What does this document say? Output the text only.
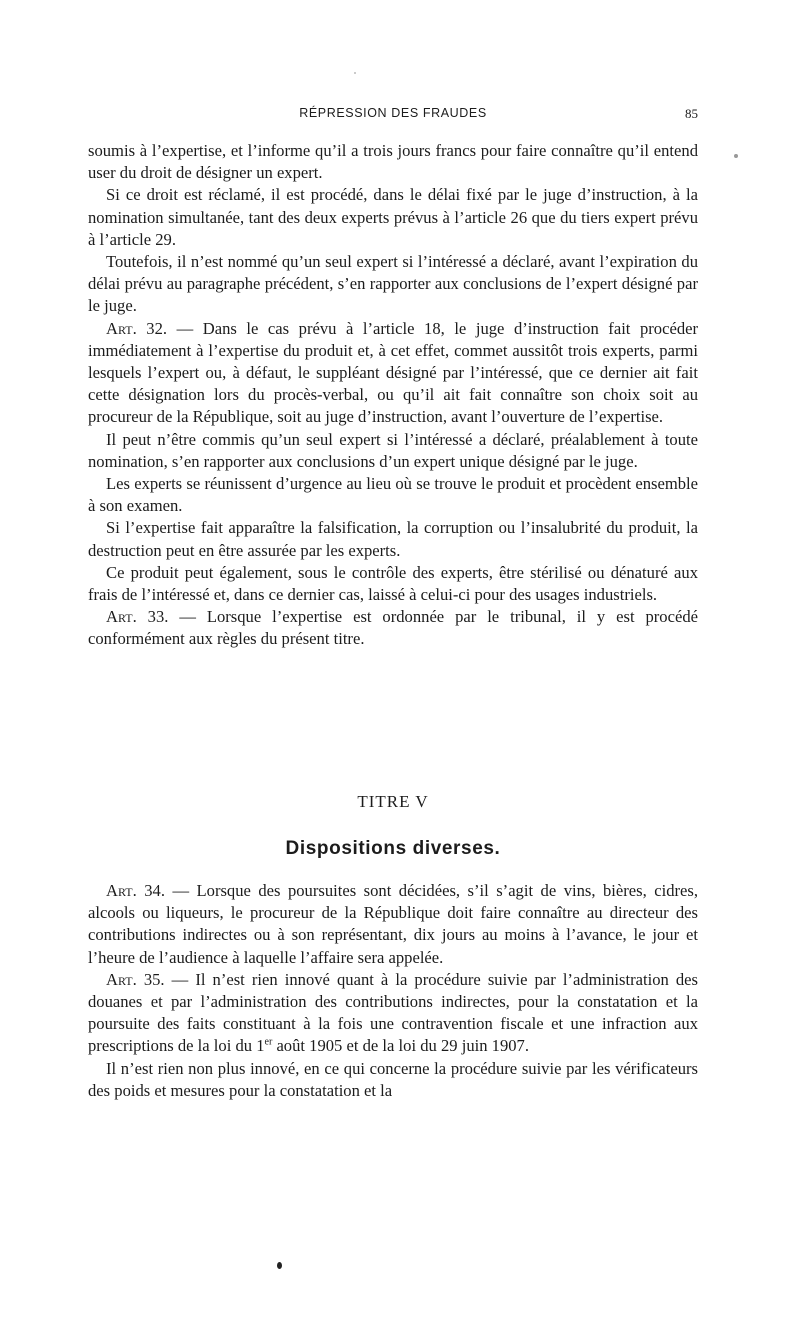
RÉPRESSION DES FRAUDES	85

soumis à l’expertise, et l’informe qu’il a trois jours francs pour faire connaître qu’il entend user du droit de désigner un expert.

Si ce droit est réclamé, il est procédé, dans le délai fixé par le juge d’instruction, à la nomination simultanée, tant des deux experts prévus à l’article 26 que du tiers expert prévu à l’article 29.

Toutefois, il n’est nommé qu’un seul expert si l’intéressé a déclaré, avant l’expiration du délai prévu au paragraphe précédent, s’en rapporter aux conclusions de l’expert désigné par le juge.

Art. 32. — Dans le cas prévu à l’article 18, le juge d’instruction fait procéder immédiatement à l’expertise du produit et, à cet effet, commet aussitôt trois experts, parmi lesquels l’expert ou, à défaut, le suppléant désigné par l’intéressé, que ce dernier ait fait cette désignation lors du procès-verbal, ou qu’il ait fait connaître son choix soit au procureur de la République, soit au juge d’instruction, avant l’ouverture de l’expertise.

Il peut n’être commis qu’un seul expert si l’intéressé a déclaré, préalablement à toute nomination, s’en rapporter aux conclusions d’un expert unique désigné par le juge.

Les experts se réunissent d’urgence au lieu où se trouve le produit et procèdent ensemble à son examen.

Si l’expertise fait apparaître la falsification, la corruption ou l’insalubrité du produit, la destruction peut en être assurée par les experts.

Ce produit peut également, sous le contrôle des experts, être stérilisé ou dénaturé aux frais de l’intéressé et, dans ce dernier cas, laissé à celui-ci pour des usages industriels.

Art. 33. — Lorsque l’expertise est ordonnée par le tribunal, il y est procédé conformément aux règles du présent titre.

TITRE V
Dispositions diverses.

Art. 34. — Lorsque des poursuites sont décidées, s’il s’agit de vins, bières, cidres, alcools ou liqueurs, le procureur de la République doit faire connaître au directeur des contributions indirectes ou à son représentant, dix jours au moins à l’avance, le jour et l’heure de l’audience à laquelle l’affaire sera appelée.

Art. 35. — Il n’est rien innové quant à la procédure suivie par l’administration des douanes et par l’administration des contributions indirectes, pour la constatation et la poursuite des faits constituant à la fois une contravention fiscale et une infraction aux prescriptions de la loi du 1er août 1905 et de la loi du 29 juin 1907.

Il n’est rien non plus innové, en ce qui concerne la procédure suivie par les vérificateurs des poids et mesures pour la constatation et la
